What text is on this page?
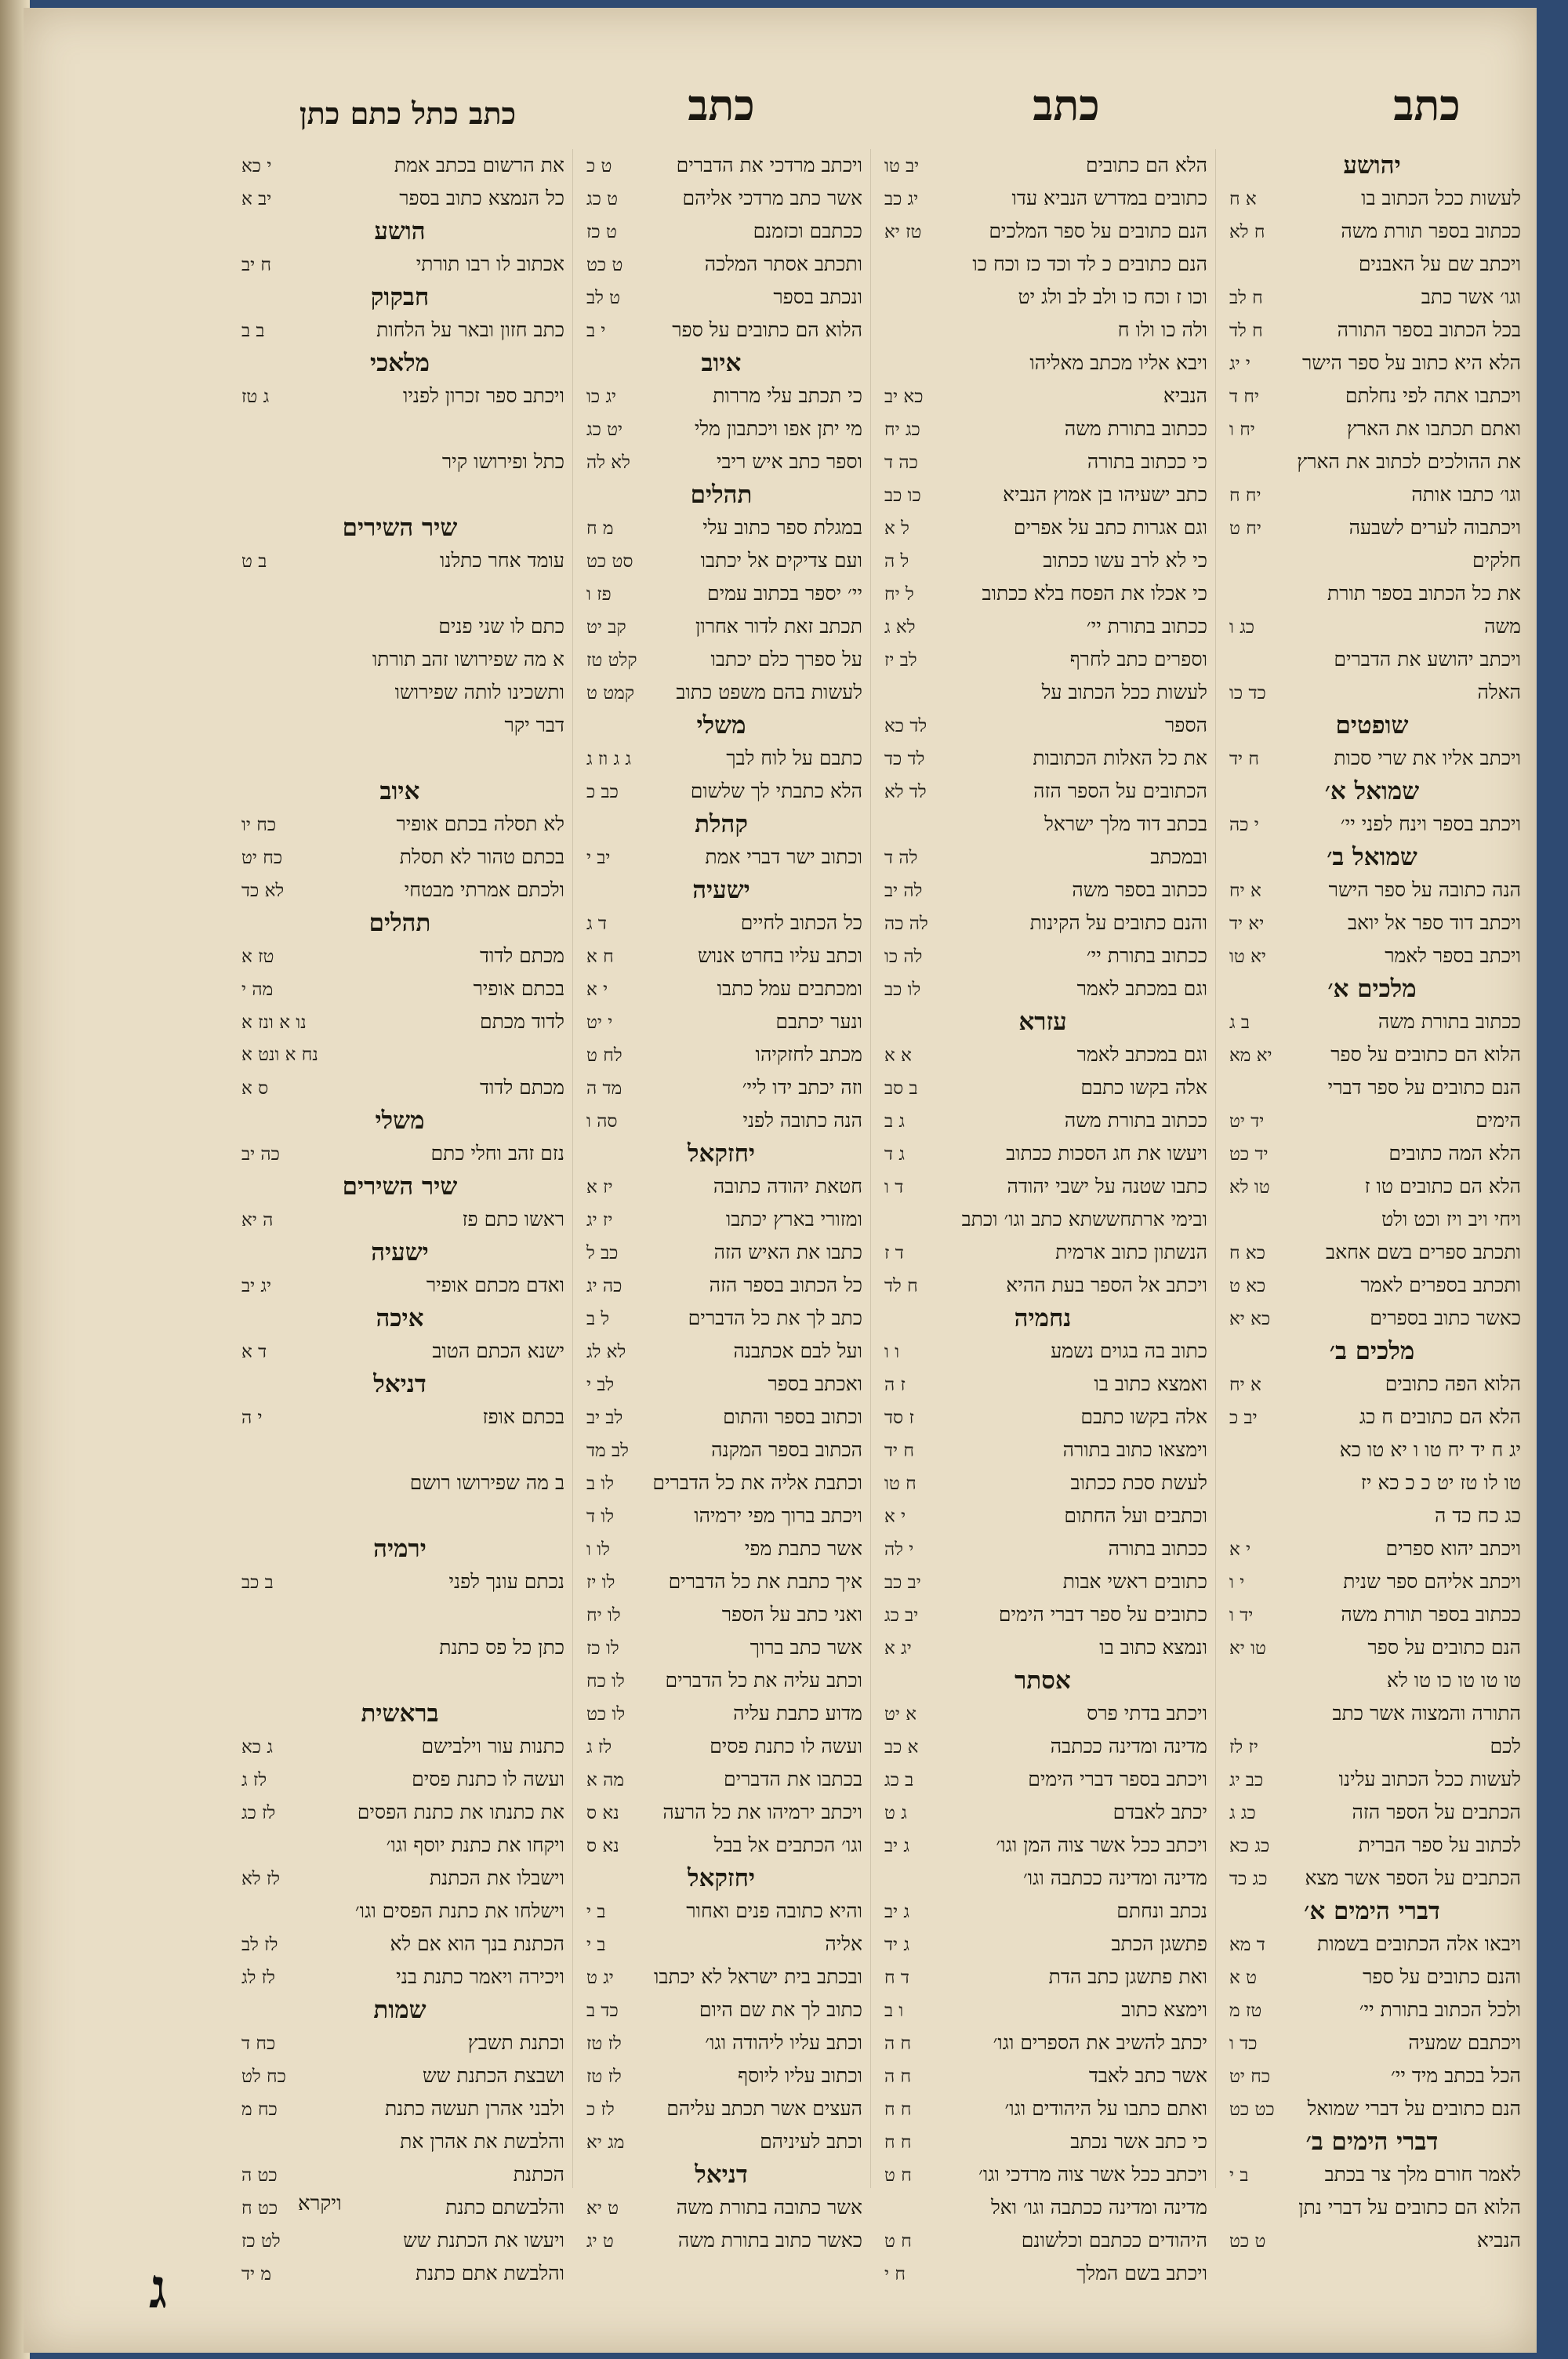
כתב
כתב
כתב
כתב כתל כתם כתן
יהושע
לעשות ככל הכתוב בו
א ח
ככתוב בספר תורת משה
ח לא
ויכתב שם על האבנים
וגו׳ אשר כתב
ח לב
בכל הכתוב בספר התורה
ח לד
הלא היא כתוב על ספר הישר
י יג
ויכתבו אתה לפי נחלתם
יח ד
ואתם תכתבו את הארץ
יח ו
את ההולכים לכתוב את הארץ
וגו׳ כתבו אותה
יח ח
ויכתבוה לערים לשבעה
יח ט
חלקים
את כל הכתוב בספר תורת
משה
כג ו
ויכתב יהושע את הדברים
האלה
כד כו
שופטים
ויכתב אליו את שרי סכות
ח יד
שמואל א׳
ויכתב בספר וינח לפני יי׳
י כה
שמואל ב׳
הנה כתובה על ספר הישר
א יח
ויכתב דוד ספר אל יואב
יא יד
ויכתב בספר לאמר
יא טו
מלכים א׳
ככתוב בתורת משה
ב ג
הלוא הם כתובים על ספר
יא מא
הנם כתובים על ספר דברי
הימים
יד יט
הלא המה כתובים
יד כט
הלא הם כתובים טו ז
טו לא
ויחי ויב ויז וכט ולט
ותכתב ספרים בשם אחאב
כא ח
ותכתב בספרים לאמר
כא ט
כאשר כתוב בספרים
כא יא
מלכים ב׳
הלוא הפה כתובים
א יח
הלא הם כתובים ח כג
יב כ
יג ח יד יח טו ו יא טו כא
טו לו טז יט כ כ כא יז
כג כח כד ה
ויכתב יהוא ספרים
י א
ויכתב אליהם ספר שנית
י ו
ככתוב בספר תורת משה
יד ו
הנם כתובים על ספר
טו יא
טו טו טו כו טו לא
התורה והמצוה אשר כתב
לכם
יז לז
לעשות ככל הכתוב עלינו
כב יג
הכתבים על הספר הזה
כג ג
לכתוב על ספר הברית
כג כא
הכתבים על הספר אשר מצא
כג כד
דברי הימים א׳
ויבאו אלה הכתובים בשמות
ד מא
והנם כתובים על ספר
ט א
ולכל הכתוב בתורת יי׳
טז מ
ויכתבם שמעיה
כד ו
הכל בכתב מיד יי׳
כח יט
הנם כתובים על דברי שמואל
כט כט
דברי הימים ב׳
לאמר חורם מלך צר בכתב
ב י
הלוא הם כתובים על דברי נתן
הנביא
ט כט
הלא הם כתובים
יב טו
כתובים במדרש הנביא עדו
יג כב
הנם כתובים על ספר המלכים
טז יא
הנם כתובים כ לד וכד כז וכח כו
וכו ז וכח כו ולב לב ולג יט
ולה כו ולו ח
ויבא אליו מכתב מאליהו
הנביא
כא יב
ככתוב בתורת משה
כג יח
כי ככתוב בתורה
כה ד
כתב ישעיהו בן אמוץ הנביא
כו כב
וגם אגרות כתב על אפרים
ל א
כי לא לרב עשו ככתוב
ל ה
כי אכלו את הפסח בלא ככתוב
ל יח
ככתוב בתורת יי׳
לא ג
וספרים כתב לחרף
לב יז
לעשות ככל הכתוב על
הספר
לד כא
את כל האלות הכתובות
לד כד
הכתובים על הספר הזה
לד לא
בכתב דוד מלך ישראל
ובמכתב
לה ד
ככתוב בספר משה
לה יב
והנם כתובים על הקינות
לה כה
ככתוב בתורת יי׳
לה כו
וגם במכתב לאמר
לו כב
עזרא
וגם במכתב לאמר
א א
אלה בקשו כתבם
ב סב
ככתוב בתורת משה
ג ב
ויעשו את חג הסכות ככתוב
ג ד
כתבו שטנה על ישבי יהודה
ד ו
ובימי ארתחששתא כתב וגו׳ וכתב
הנשתון כתוב ארמית
ד ז
ויכתב אל הספר בעת ההיא
ח לד
נחמיה
כתוב בה בגוים נשמע
ו ו
ואמצא כתוב בו
ז ה
אלה בקשו כתבם
ז סד
וימצאו כתוב בתורה
ח יד
לעשת סכת ככתוב
ח טו
וכתבים ועל החתום
י א
ככתוב בתורה
י לה
כתובים ראשי אבות
יב כב
כתובים על ספר דברי הימים
יב כג
ונמצא כתוב בו
יג א
אסתר
ויכתב בדתי פרס
א יט
מדינה ומדינה ככתבה
א כב
ויכתב בספר דברי הימים
ב כג
יכתב לאבדם
ג ט
ויכתב ככל אשר צוה המן וגו׳
ג יב
מדינה ומדינה ככתבה וגו׳
נכתב ונחתם
ג יב
פתשגן הכתב
ג יד
ואת פתשגן כתב הדת
ד ח
וימצא כתוב
ו ב
יכתב להשיב את הספרים וגו׳
ח ה
אשר כתב לאבד
ח ה
ואתם כתבו על היהודים וגו׳
ח ח
כי כתב אשר נכתב
ח ח
ויכתב ככל אשר צוה מרדכי וגו׳
ח ט
מדינה ומדינה ככתבה וגו׳ ואל
היהודים ככתבם וכלשונם
ח ט
ויכתב בשם המלך
ח י
ויכתב מרדכי את הדברים
ט כ
אשר כתב מרדכי אליהם
ט כג
ככתבם וכזמנם
ט כז
ותכתב אסתר המלכה
ט כט
ונכתב בספר
ט לב
הלוא הם כתובים על ספר
י ב
איוב
כי תכתב עלי מררות
יג כו
מי יתן אפו ויכתבון מלי
יט כג
וספר כתב איש ריבי
לא לה
תהלים
במגלת ספר כתוב עלי
מ ח
ועם צדיקים אל יכתבו
סט כט
יי׳ יספר בכתוב עמים
פז ו
תכתב זאת לדור אחרון
קב יט
על ספרך כלם יכתבו
קלט טז
לעשות בהם משפט כתוב
קמט ט
משלי
כתבם על לוח לבך
ג ג וז ג
הלא כתבתי לך שלשום
כב כ
קהלת
וכתוב ישר דברי אמת
יב י
ישעיה
כל הכתוב לחיים
ד ג
וכתב עליו בחרט אנוש
ח א
ומכתבים עמל כתבו
י א
ונער יכתבם
י יט
מכתב לחזקיהו
לח ט
וזה יכתב ידו ליי׳
מד ה
הנה כתובה לפני
סה ו
יחזקאל
חטאת יהודה כתובה
יז א
ומזורי בארץ יכתבו
יז יג
כתבו את האיש הזה
כב ל
כל הכתוב בספר הזה
כה יג
כתב לך את כל הדברים
ל ב
ועל לבם אכתבנה
לא לג
ואכתב בספר
לב י
וכתוב בספר והתום
לב יב
הכתוב בספר המקנה
לב מד
וכתבת אליה את כל הדברים
לו ב
ויכתב ברוך מפי ירמיהו
לו ד
אשר כתבת מפי
לו ו
איך כתבת את כל הדברים
לו יז
ואני כתב על הספר
לו יח
אשר כתב ברוך
לו כז
וכתב עליה את כל הדברים
לו כח
מדוע כתבת עליה
לו כט
ועשה לו כתנת פסים
לז ג
בכתבו את הדברים
מה א
ויכתב ירמיהו את כל הרעה
נא ס
וגו׳ הכתבים אל בבל
נא ס
יחזקאל
והיא כתובה פנים ואחור
ב י
אליה
ב י
ובכתב בית ישראל לא יכתבו
יג ט
כתוב לך את שם היום
כד ב
וכתב עליו ליהודה וגו׳
לז טז
וכתוב עליו ליוסף
לז טז
העצים אשר תכתב עליהם
לז כ
וכתב לעיניהם
מג יא
דניאל
אשר כתובה בתורת משה
ט יא
כאשר כתוב בתורת משה
ט יג
את הרשום בכתב אמת
י כא
כל הנמצא כתוב בספר
יב א
הושע
אכתוב לו רבו תורתי
ח יב
חבקוק
כתב חזון ובאר על הלחות
ב ב
מלאכי
ויכתב ספר זכרון לפניו
ג טז
כתל ופירושו קיר
שיר השירים
עומד אחר כתלנו
ב ט
כתם לו שני פנים
א מה שפירושו זהב תורתו
ותשכינו לותה שפירושו
דבר יקר
איוב
לא תסלה בכתם אופיר
כח יו
בכתם טהור לא תסלת
כח יט
ולכתם אמרתי מבטחי
לא כד
תהלים
מכתם לדוד
טז א
בכתם אופיר
מה י
לדוד מכתם
נו א ונז א
נח א ונט א
מכתם לדוד
ס א
משלי
נזם זהב וחלי כתם
כה יב
שיר השירים
ראשו כתם פז
ה יא
ישעיה
ואדם מכתם אופיר
יג יב
איכה
ישנא הכתם הטוב
ד א
דניאל
בכתם אופז
י ה
ב מה שפירושו רושם
ירמיה
נכתם עונך לפני
ב כב
כתן כל פס כתנת
בראשית
כתנות עור וילבישם
ג כא
ועשה לו כתנת פסים
לז ג
את כתנתו את כתנת הפסים
לז כג
ויקחו את כתנת יוסף וגו׳
וישבלו את הכתנת
לז לא
וישלחו את כתנת הפסים וגו׳
הכתנת בנך הוא אם לא
לז לב
ויכירה ויאמר כתנת בני
לז לג
שמות
וכתנת תשבץ
כח ד
ושבצת הכתנת שש
כח לט
ולבני אהרן תעשה כתנת
כח מ
והלבשת את אהרן את
הכתנת
כט ה
והלבשתם כתנת
כט ח
ויעשו את הכתנת שש
לט כז
והלבשת אתם כתנת
מ יד
ויקרא
ג
